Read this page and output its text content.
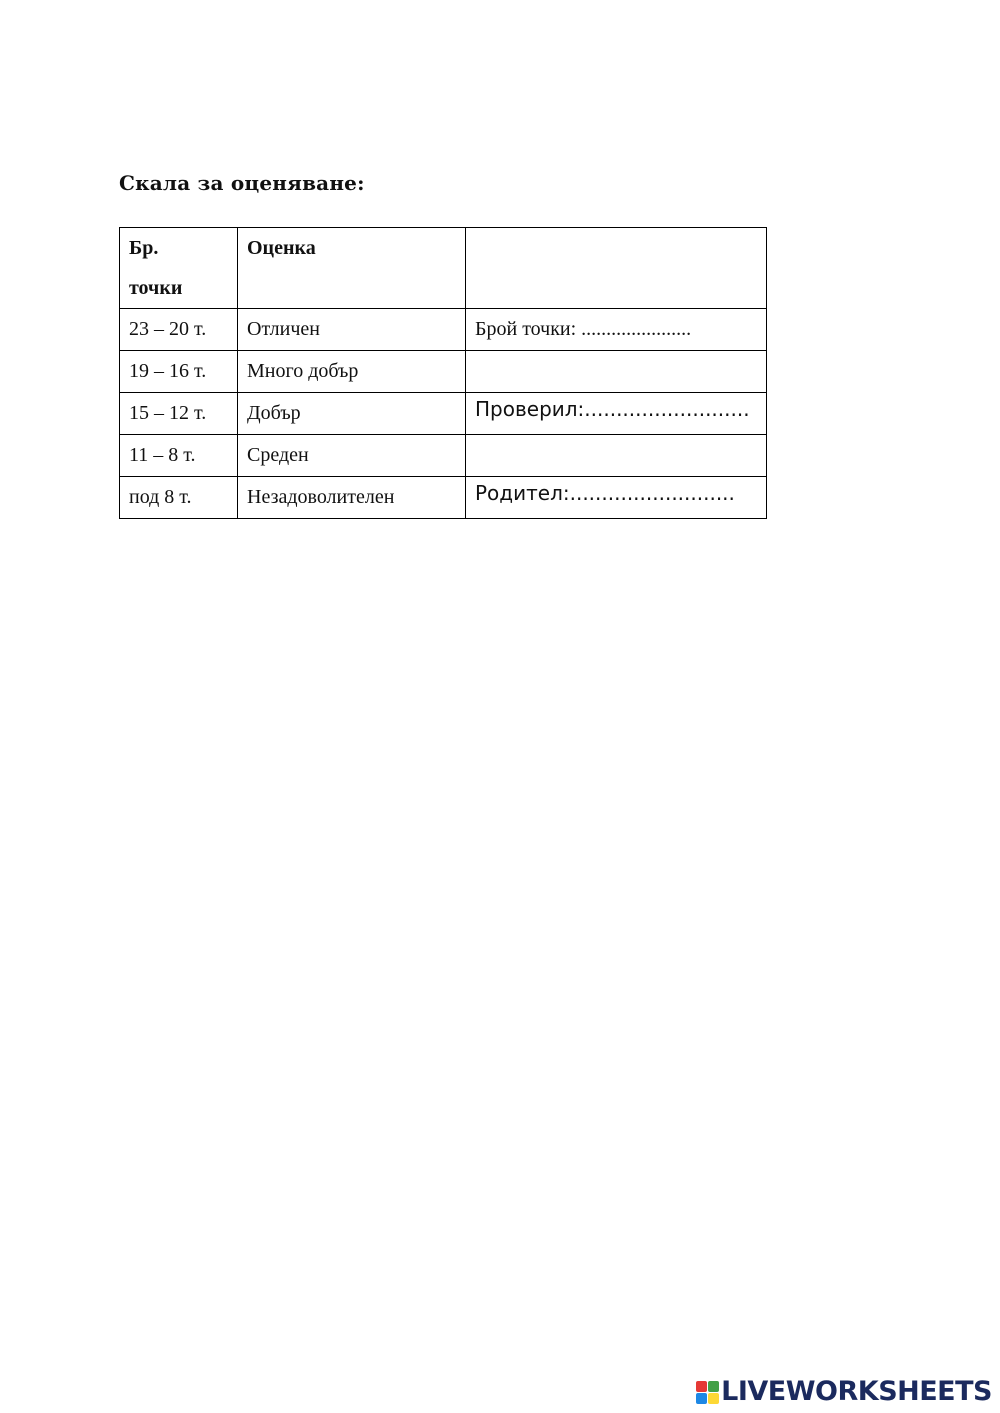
Скала за оценяване:
Бр.
точки	Оценка	
23 – 20 т.	Отличен	Брой точки: ......................
19 – 16 т.	Много добър	
15 – 12 т.	Добър	Проверил:..........................
11 – 8 т.	Среден	
под 8 т.	Незадоволителен	Родител:..........................
LIVEWORKSHEETS
